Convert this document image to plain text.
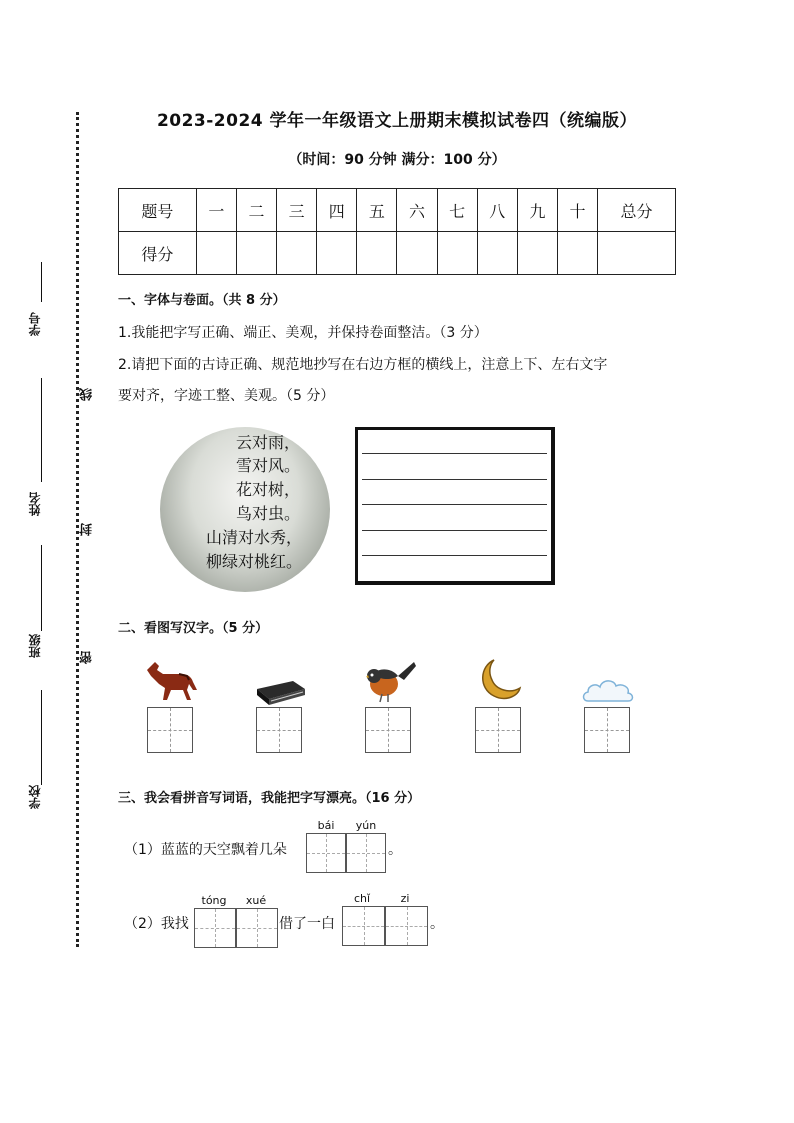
学号
姓名
班级
学校
线
封
密
2023-2024 学年一年级语文上册期末模拟试卷四（统编版）
（时间：90 分钟 满分：100 分）
题号	一	二	三	四	五	六	七	八	九	十	总分
得分											
一、字体与卷面。（共 8 分）
1.我能把字写正确、端正、美观，并保持卷面整洁。（3 分）
2.请把下面的古诗正确、规范地抄写在右边方框的横线上，注意上下、左右文字
要对齐，字迹工整、美观。（5 分）
云对雨，
雪对风。
花对树，
鸟对虫。
山清对水秀，
柳绿对桃红。
二、看图写汉字。（5 分）
三、我会看拼音写词语，我能把字写漂亮。（16 分）
（1）蓝蓝的天空飘着几朵
bái	yún
。
（2）我找
tóng	xué
借了一白
chǐ	zi
。
